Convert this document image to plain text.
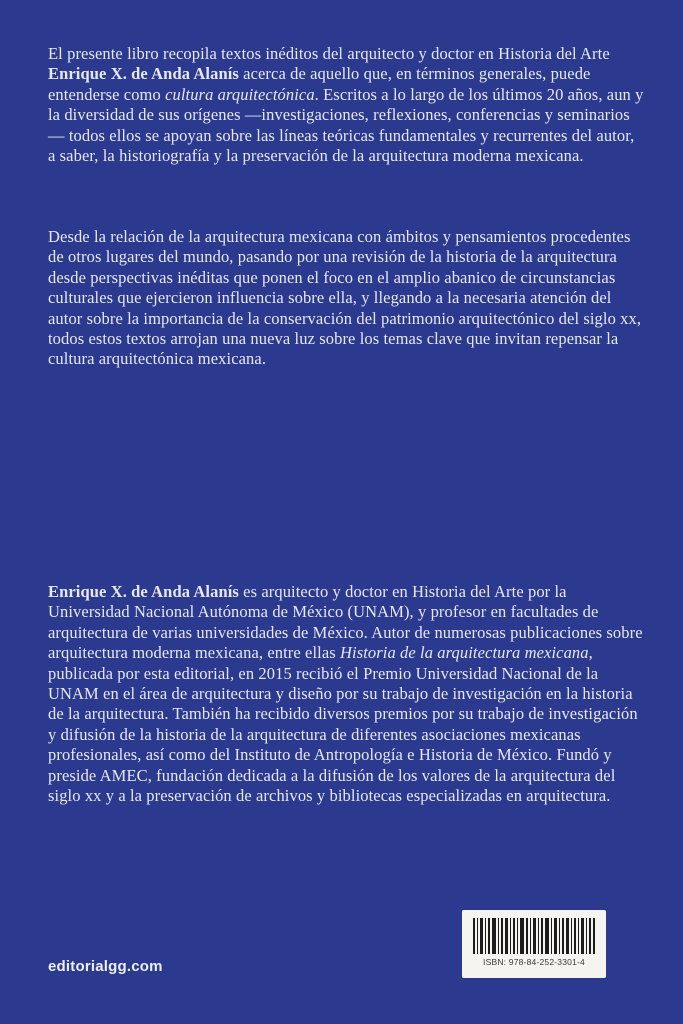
El presente libro recopila textos inéditos del arquitecto y doctor en Historia del Arte Enrique X. de Anda Alanís acerca de aquello que, en términos generales, puede entenderse como cultura arquitectónica. Escritos a lo largo de los últimos 20 años, aun y la diversidad de sus orígenes —investigaciones, reflexiones, conferencias y seminarios— todos ellos se apoyan sobre las líneas teóricas fundamentales y recurrentes del autor, a saber, la historiografía y la preservación de la arquitectura moderna mexicana.

Desde la relación de la arquitectura mexicana con ámbitos y pensamientos procedentes de otros lugares del mundo, pasando por una revisión de la historia de la arquitectura desde perspectivas inéditas que ponen el foco en el amplio abanico de circunstancias culturales que ejercieron influencia sobre ella, y llegando a la necesaria atención del autor sobre la importancia de la conservación del patrimonio arquitectónico del siglo xx, todos estos textos arrojan una nueva luz sobre los temas clave que invitan repensar la cultura arquitectónica mexicana.

Enrique X. de Anda Alanís es arquitecto y doctor en Historia del Arte por la Universidad Nacional Autónoma de México (UNAM), y profesor en facultades de arquitectura de varias universidades de México. Autor de numerosas publicaciones sobre arquitectura moderna mexicana, entre ellas Historia de la arquitectura mexicana, publicada por esta editorial, en 2015 recibió el Premio Universidad Nacional de la UNAM en el área de arquitectura y diseño por su trabajo de investigación en la historia de la arquitectura. También ha recibido diversos premios por su trabajo de investigación y difusión de la historia de la arquitectura de diferentes asociaciones mexicanas profesionales, así como del Instituto de Antropología e Historia de México. Fundó y preside AMEC, fundación dedicada a la difusión de los valores de la arquitectura del siglo xx y a la preservación de archivos y bibliotecas especializadas en arquitectura.

editorialgg.com	ISBN: 978-84-252-3301-4
